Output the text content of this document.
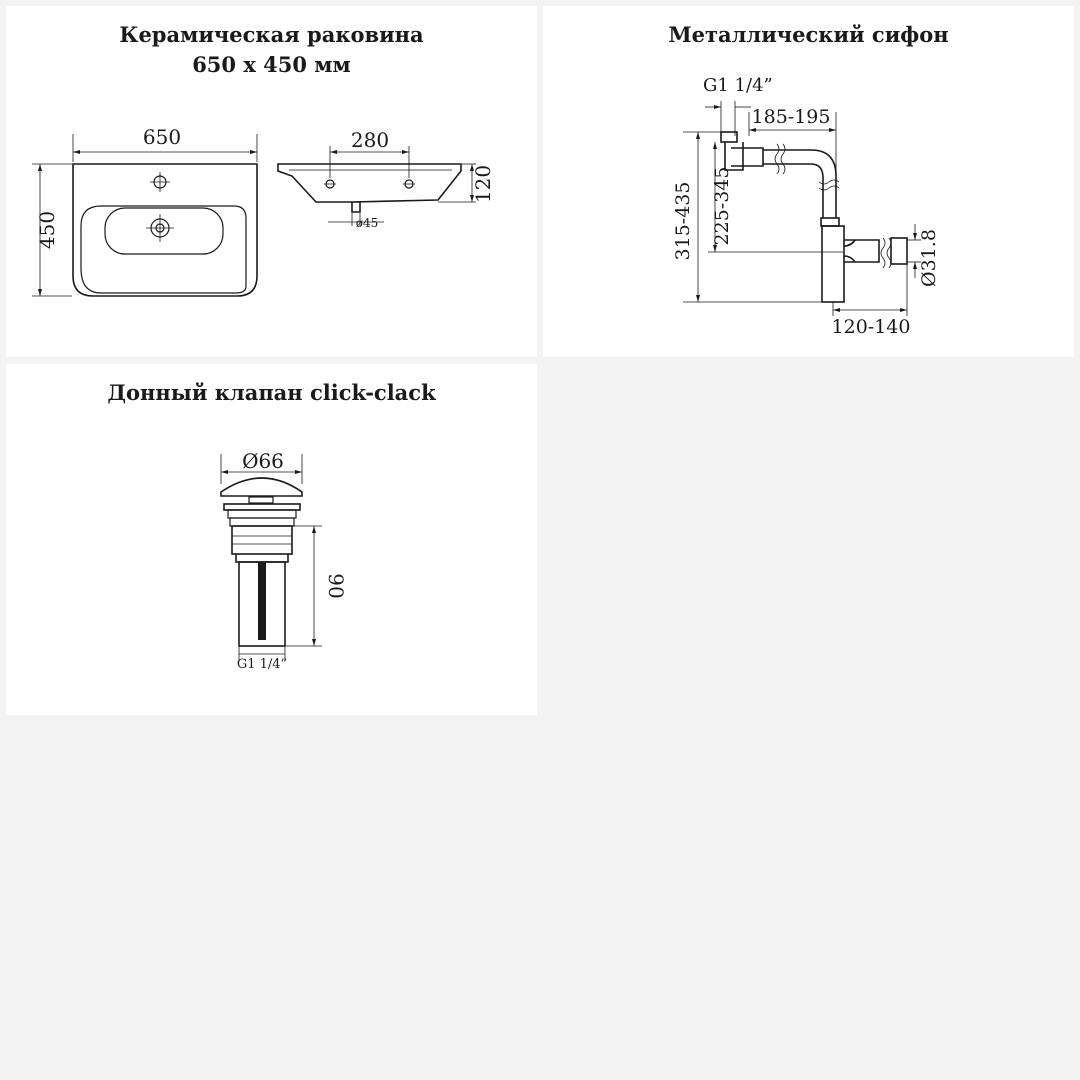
Керамическая раковина
650 x 450 мм
650
450
280
120
ø45
Металлический сифон
G1 1/4”
185-195
Ø31.8
315-435 225-345
120-140
Донный клапан click-clack
Ø66
90
G1 1/4”
